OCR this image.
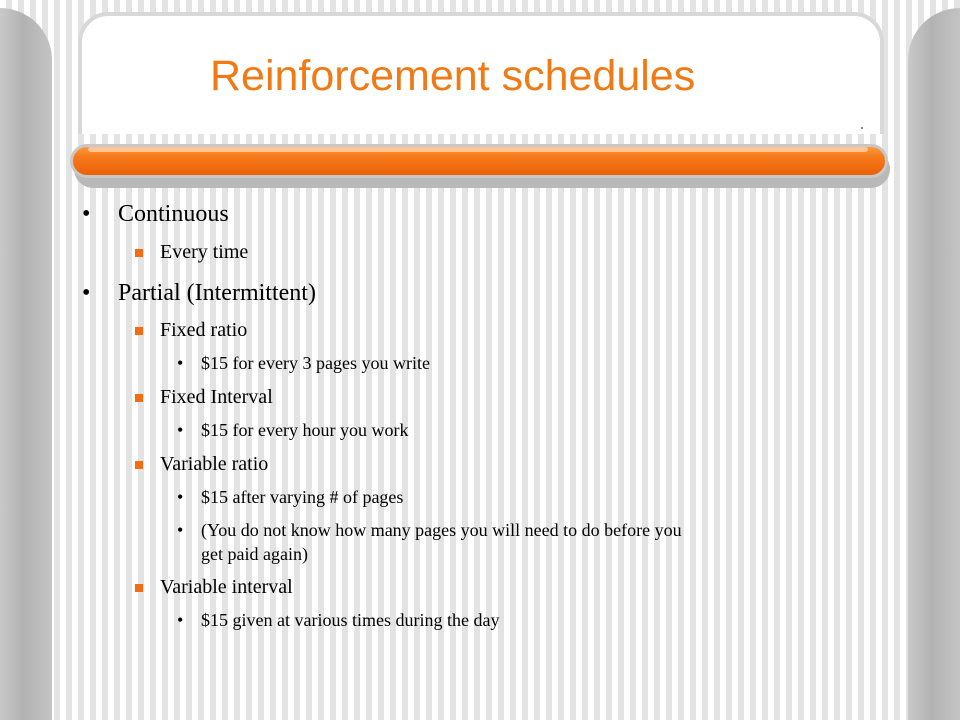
Reinforcement schedules
• Continuous
Every time
• Partial (Intermittent)
Fixed ratio
• $15 for every 3 pages you write
Fixed Interval
• $15 for every hour you work
Variable ratio
• $15 after varying # of pages
• (You do not know how many pages you will need to do before you
get paid again)
Variable interval
• $15 given at various times during the day
